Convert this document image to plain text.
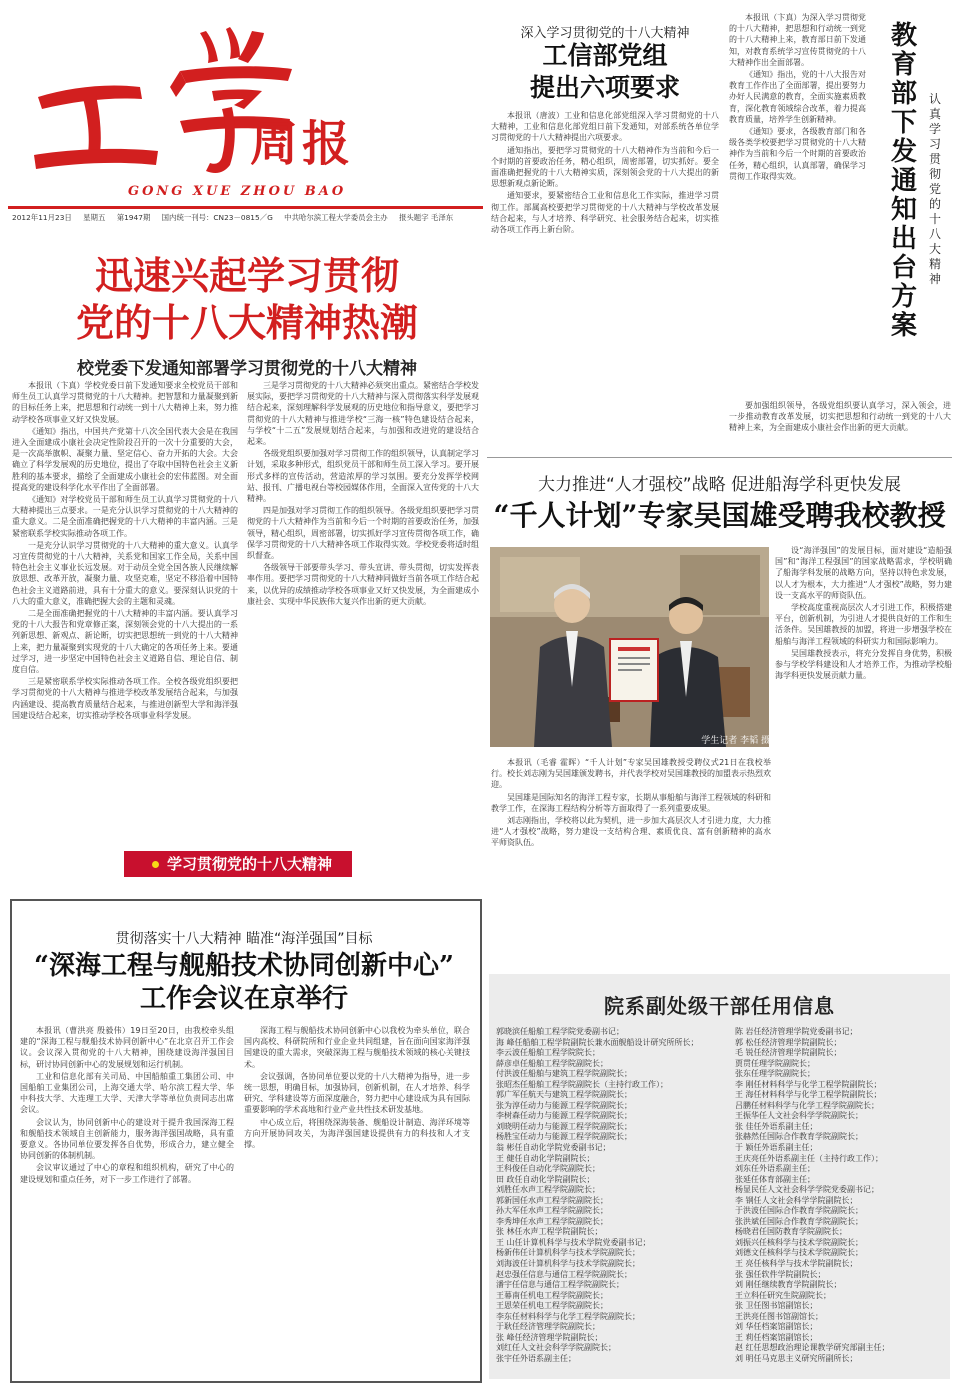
周报
GONG XUE ZHOU BAO
2012年11月23日 星期五 第1947期 国内统一刊号：CN23－0815／G 中共哈尔滨工程大学委员会主办 报头题字 毛泽东
迅速兴起学习贯彻
党的十八大精神热潮
校党委下发通知部署学习贯彻党的十八大精神

本报讯（卞真）学校党委日前下发通知要求全校党员干部和师生员工认真学习贯彻党的十八大精神。把智慧和力量凝聚到新的目标任务上来，把思想和行动统一到十八大精神上来，努力推动学校各项事业又好又快发展。

《通知》指出，中国共产党第十八次全国代表大会是在我国进入全面建成小康社会决定性阶段召开的一次十分重要的大会，是一次高举旗帜、凝聚力量、坚定信心、奋力开拓的大会。大会确立了科学发展观的历史地位，提出了夺取中国特色社会主义新胜利的基本要求，描绘了全面建成小康社会的宏伟蓝图。对全面提高党的建设科学化水平作出了全面部署。

《通知》对学校党员干部和师生员工认真学习贯彻党的十八大精神提出三点要求。一是充分认识学习贯彻党的十八大精神的重大意义。二是全面准确把握党的十八大精神的丰富内涵。三是紧密联系学校实际推动各项工作。

一是充分认识学习贯彻党的十八大精神的重大意义。认真学习宣传贯彻党的十八大精神，关系党和国家工作全局，关系中国特色社会主义事业长远发展。对于动员全党全国各族人民继续解放思想、改革开放，凝聚力量、攻坚克难，坚定不移沿着中国特色社会主义道路前进，具有十分重大的意义。要深刻认识党的十八大的重大意义，准确把握大会的主题和灵魂。

二是全面准确把握党的十八大精神的丰富内涵。要认真学习党的十八大报告和党章修正案，深刻领会党的十八大提出的一系列新思想、新观点、新论断，切实把思想统一到党的十八大精神上来，把力量凝聚到实现党的十八大确定的各项任务上来。要通过学习，进一步坚定中国特色社会主义道路自信、理论自信、制度自信。

三是紧密联系学校实际推动各项工作。全校各级党组织要把学习贯彻党的十八大精神与推进学校改革发展结合起来，与加强内涵建设、提高教育质量结合起来，与推进创新型大学和海洋强国建设结合起来，切实推动学校各项事业科学发展。

三是学习贯彻党的十八大精神必须突出重点。紧密结合学校发展实际，要把学习贯彻党的十八大精神与深入贯彻落实科学发展观结合起来，深刻理解科学发展观的历史地位和指导意义，要把学习贯彻党的十八大精神与推进学校“三海一核”特色建设结合起来，与学校“十二五”发展规划结合起来，与加强和改进党的建设结合起来。

各级党组织要加强对学习贯彻工作的组织领导，认真制定学习计划，采取多种形式，组织党员干部和师生员工深入学习。要开展形式多样的宣传活动，营造浓厚的学习氛围。要充分发挥学校网站、报刊、广播电视台等校园媒体作用，全面深入宣传党的十八大精神。

四是加强对学习贯彻工作的组织领导。各级党组织要把学习贯彻党的十八大精神作为当前和今后一个时期的首要政治任务，加强领导，精心组织，周密部署，切实抓好学习宣传贯彻各项工作，确保学习贯彻党的十八大精神各项工作取得实效。学校党委将适时组织督查。

各级领导干部要带头学习、带头宣讲、带头贯彻，切实发挥表率作用。要把学习贯彻党的十八大精神同做好当前各项工作结合起来，以优异的成绩推动学校各项事业又好又快发展，为全面建成小康社会、实现中华民族伟大复兴作出新的更大贡献。

学习贯彻党的十八大精神
贯彻落实十八大精神 瞄准“海洋强国”目标
“深海工程与舰船技术协同创新中心”
工作会议在京举行

本报讯（曹洪亮 殷毅伟）19日至20日，由我校牵头组建的“深海工程与舰船技术协同创新中心”在北京召开工作会议。会议深入贯彻党的十八大精神，围绕建设海洋强国目标，研讨协同创新中心的发展规划和运行机制。

工业和信息化部有关司局、中国船舶重工集团公司、中国船舶工业集团公司，上海交通大学、哈尔滨工程大学、华中科技大学、大连理工大学、天津大学等单位负责同志出席会议。

会议认为，协同创新中心的建设对于提升我国深海工程和舰船技术领域自主创新能力，服务海洋强国战略，具有重要意义。各协同单位要发挥各自优势，形成合力，建立健全协同创新的体制机制。

会议审议通过了中心的章程和组织机构，研究了中心的建设规划和重点任务，对下一步工作进行了部署。

深海工程与舰船技术协同创新中心以我校为牵头单位，联合国内高校、科研院所和行业企业共同组建，旨在面向国家海洋强国建设的重大需求，突破深海工程与舰船技术领域的核心关键技术。

会议强调，各协同单位要以党的十八大精神为指导，进一步统一思想，明确目标，加强协同，创新机制，在人才培养、科学研究、学科建设等方面深度融合，努力把中心建设成为具有国际重要影响的学术高地和行业产业共性技术研发基地。

中心成立后，将围绕深海装备、舰船设计制造、海洋环境等方向开展协同攻关，为海洋强国建设提供有力的科技和人才支撑。

深入学习贯彻党的十八大精神
工信部党组
提出六项要求

本报讯（唐波）工业和信息化部党组深入学习贯彻党的十八大精神，工业和信息化部党组日前下发通知，对部系统各单位学习贯彻党的十八大精神提出六项要求。

通知指出，要把学习贯彻党的十八大精神作为当前和今后一个时期的首要政治任务，精心组织，周密部署，切实抓好。要全面准确把握党的十八大精神实质，深刻领会党的十八大提出的新思想新观点新论断。

通知要求，要紧密结合工业和信息化工作实际，推进学习贯彻工作。部属高校要把学习贯彻党的十八大精神与学校改革发展结合起来，与人才培养、科学研究、社会服务结合起来，切实推动各项工作再上新台阶。

本报讯（卞真）为深入学习贯彻党的十八大精神，把思想和行动统一到党的十八大精神上来，教育部日前下发通知，对教育系统学习宣传贯彻党的十八大精神作出全面部署。

《通知》指出，党的十八大报告对教育工作作出了全面部署，提出要努力办好人民满意的教育，全面实施素质教育，深化教育领域综合改革，着力提高教育质量，培养学生创新精神。

《通知》要求，各级教育部门和各级各类学校要把学习贯彻党的十八大精神作为当前和今后一个时期的首要政治任务，精心组织，认真部署，确保学习贯彻工作取得实效。

教育部下发通知出台方案
认真学习贯彻党的十八大精神

要加强组织领导，各级党组织要认真学习，深入领会，进一步推动教育改革发展，切实把思想和行动统一到党的十八大精神上来，为全面建成小康社会作出新的更大贡献。

大力推进“人才强校”战略 促进船海学科更快发展
“千人计划”专家吴国雄受聘我校教授
学生记者 李韬 摄

设“海洋强国”的发展目标，面对建设“造船强国”和“海洋工程强国”的国家战略需求，学校明确了船海学科发展的战略方向，坚持以特色求发展，以人才为根本，大力推进“人才强校”战略，努力建设一支高水平的师资队伍。

学校高度重视高层次人才引进工作，积极搭建平台，创新机制，为引进人才提供良好的工作和生活条件。吴国雄教授的加盟，将进一步增强学校在船舶与海洋工程领域的科研实力和国际影响力。

吴国雄教授表示，将充分发挥自身优势，积极参与学校学科建设和人才培养工作，为推动学校船海学科更快发展贡献力量。

本报讯（毛睿 霍晖）“千人计划”专家吴国雄教授受聘仪式21日在我校举行。校长刘志刚为吴国雄颁发聘书，并代表学校对吴国雄教授的加盟表示热烈欢迎。

吴国雄是国际知名的海洋工程专家，长期从事船舶与海洋工程领域的科研和教学工作，在深海工程结构分析等方面取得了一系列重要成果。

刘志刚指出，学校将以此为契机，进一步加大高层次人才引进力度，大力推进“人才强校”战略，努力建设一支结构合理、素质优良、富有创新精神的高水平师资队伍。

院系副处级干部任用信息
郭晓滨任船舶工程学院党委副书记；
海 峰任船舶工程学院副院长兼水面舰船设计研究所所长；
李云波任船舶工程学院院长；
薛彦卓任船舶工程学院副院长；
付洪波任船舶与建筑工程学院副院长；
张昭杰任船舶工程学院副院长（主持行政工作）；
郭广军任航天与建筑工程学院副院长；
张为淳任动力与能源工程学院副院长；
李树森任动力与能源工程学院副院长；
刘晓明任动力与能源工程学院副院长；
杨胜宝任动力与能源工程学院副院长；
翁 彬任自动化学院党委副书记；
王 健任自动化学院副院长；
王科俊任自动化学院副院长；
田 政任自动化学院副院长；
刘胜任水声工程学院副院长；
郭新国任水声工程学院副院长；
孙大军任水声工程学院副院长；
李秀坤任水声工程学院副院长；
张 林任水声工程学院副院长；
王 山任计算机科学与技术学院党委副书记；
杨新伟任计算机科学与技术学院副院长；
刘海波任计算机科学与技术学院副院长；
赵忠强任信息与通信工程学院副院长；
潘宇任信息与通信工程学院副院长；
王幕南任机电工程学院副院长；
王恩荣任机电工程学院副院长；
李东任材料科学与化学工程学院副院长；
于耿任经济管理学院副院长；
张 峰任经济管理学院副院长；
刘红任人文社会科学学院副院长；
张宇任外语系副主任；
陈 岩任经济管理学院党委副书记；
郭 松任经济管理学院副院长；
毛 锐任经济管理学院副院长；
贾贯任理学院副院长；
张东任理学院副院长；
李 刚任材料科学与化学工程学院副院长；
王 海任材料科学与化学工程学院副院长；
吕鹏任材料科学与化学工程学院副院长；
王振华任人文社会科学学院副院长；
张 佳任外语系副主任；
张赫然任国际合作教育学院副院长；
于 颖任外语系副主任；
王庆亮任外语系副主任（主持行政工作）；
刘东任外语系副主任；
张延任体育部副主任；
杨显民任人文社会科学学院党委副书记；
李 钢任人文社会科学学院副院长；
于洪波任国际合作教育学院副院长；
张洪斌任国际合作教育学院副院长；
杨晓君任国防教育学院副院长；
刘振兴任核科学与技术学院副院长；
刘德文任核科学与技术学院副院长；
王 亮任核科学与技术学院副院长；
张 强任软件学院副院长；
刘 刚任继续教育学院副院长；
王立科任研究生院副院长；
张 卫任图书馆副馆长；
王洪亮任图书馆副馆长；
刘 华任档案馆副馆长；
王 莉任档案馆副馆长；
赵 红任思想政治理论课教学研究部副主任；
刘 明任马克思主义研究所副所长；
